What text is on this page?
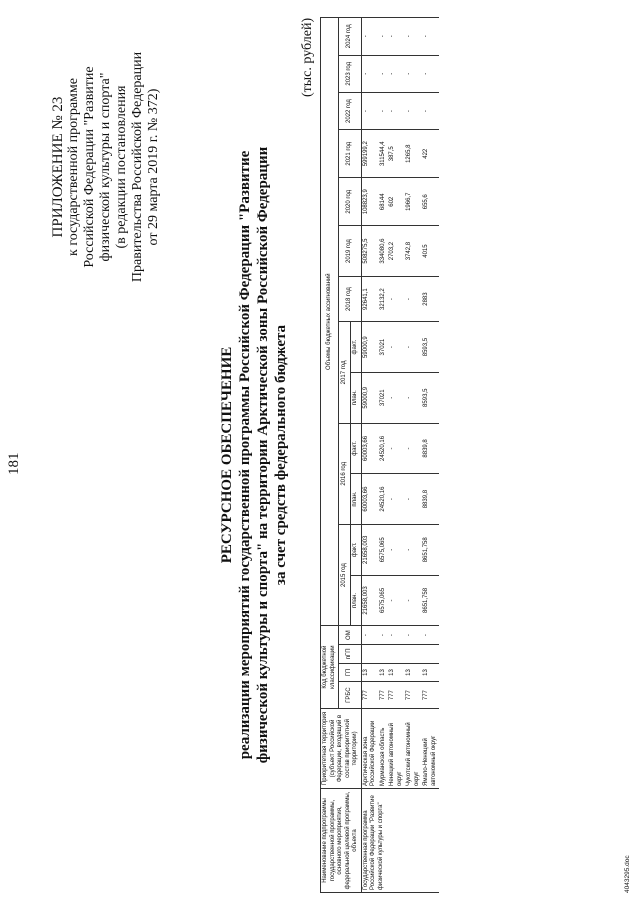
181
ПРИЛОЖЕНИЕ № 23 к государственной программе Российской Федерации "Развитие физической культуры и спорта" (в редакции постановления Правительства Российской Федерации от 29 марта 2019 г. № 372)
РЕСУРСНОЕ ОБЕСПЕЧЕНИЕ реализации мероприятий государственной программы Российской Федерации "Развитие физической культуры и спорта" на территории Арктической зоны Российской Федерации за счет средств федерального бюджета
(тыс. рублей)
Наименование подпрограммы государственной программы, основного мероприятия, федеральной целевой программы, объекта	Приоритетная территория (субъект Российской Федерации, входящий в состав приоритетной территории)	Код бюджетной классификации				Объемы бюджетных ассигнований												
		ГРБС	ГП	пГП	ОМ	2015 год		2016 год		2017 год		2018 год	2019 год	2020 год	2021 год	2022 год	2023 год	2024 год
						план.	факт.	план.	факт.	план.	факт.							
Государственная программа Российской Федерации "Развитие физической культуры и спорта"	Арктическая зона Российской Федерации	777	13		-	21658,003	21658,003	60003,66	60003,66	59000,9	59000,9	92641,1	508275,5	108823,9	599199,2	-	-	-
	Мурманская область	777	13		-	6575,065	6575,065	24520,16	24520,16	37021	37021	32132,2	334080,6	68144	311544,4	-	-	-
	Ненецкий автономный округ	777	13		-	-	-	-	-	-	-	-	2703,2	602	387,5	-	-	-
	Чукотский автономный округ	777	13		-	-	-	-	-	-	-	-	3742,8	1966,7	1265,8	-	-	-
	Ямало-Ненецкий автономный округ	777	13		-	8651,758	8651,758	8839,8	8839,8	8593,5	8593,5	2883	4015	655,6	422	-	-	-
4043295.doc
